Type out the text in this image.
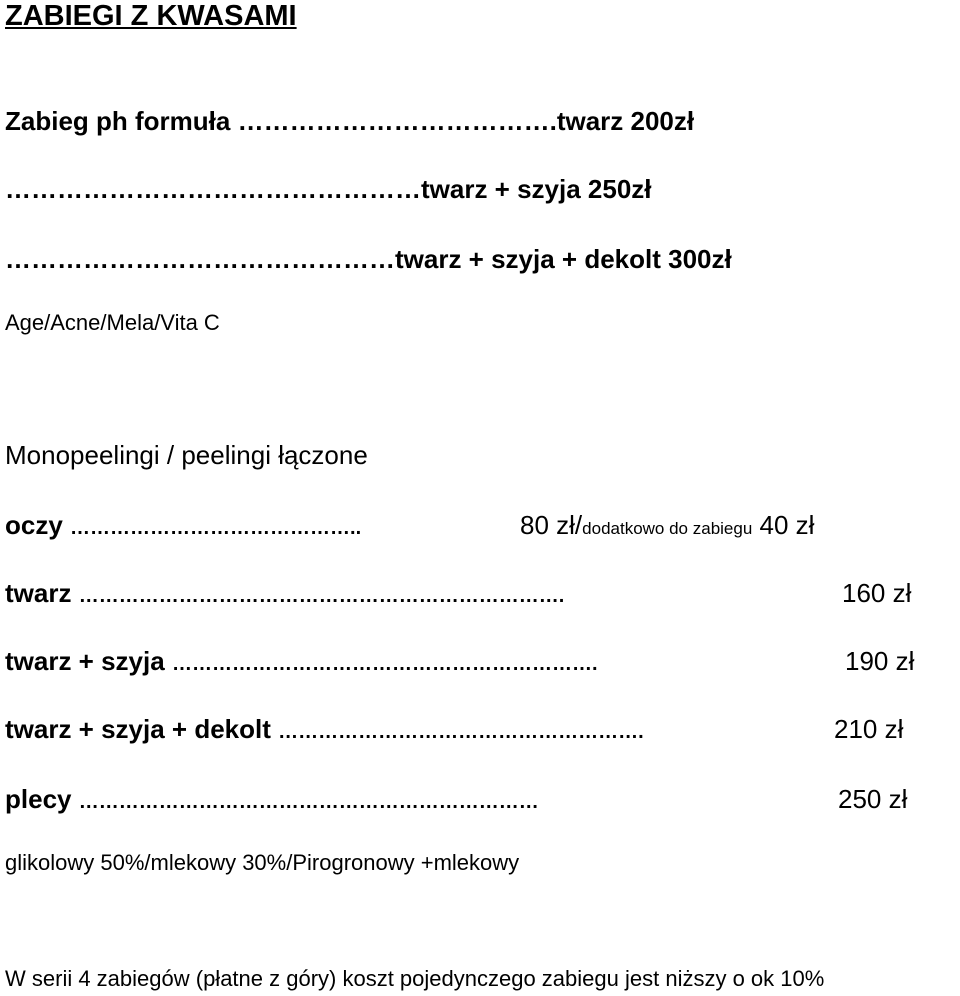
ZABIEGI Z KWASAMI
Zabieg ph formuła ……………………………….twarz 200zł
…………………………………………twarz + szyja 250zł
………………………………………twarz + szyja + dekolt 300zł
Age/Acne/Mela/Vita C
Monopeelingi / peelingi łączone
oczy ……………………………………..	80 zł/dodatkowo do zabiegu 40 zł
twarz ……………………………………………………………….	160 zł
twarz + szyja ……………………………………………………….	190 zł
twarz + szyja + dekolt ……………………………………………….	210 zł
plecy ……………………………………………………………	250 zł
glikolowy 50%/mlekowy 30%/Pirogronowy +mlekowy
W serii 4 zabiegów (płatne z góry) koszt pojedynczego zabiegu jest niższy o ok 10%
